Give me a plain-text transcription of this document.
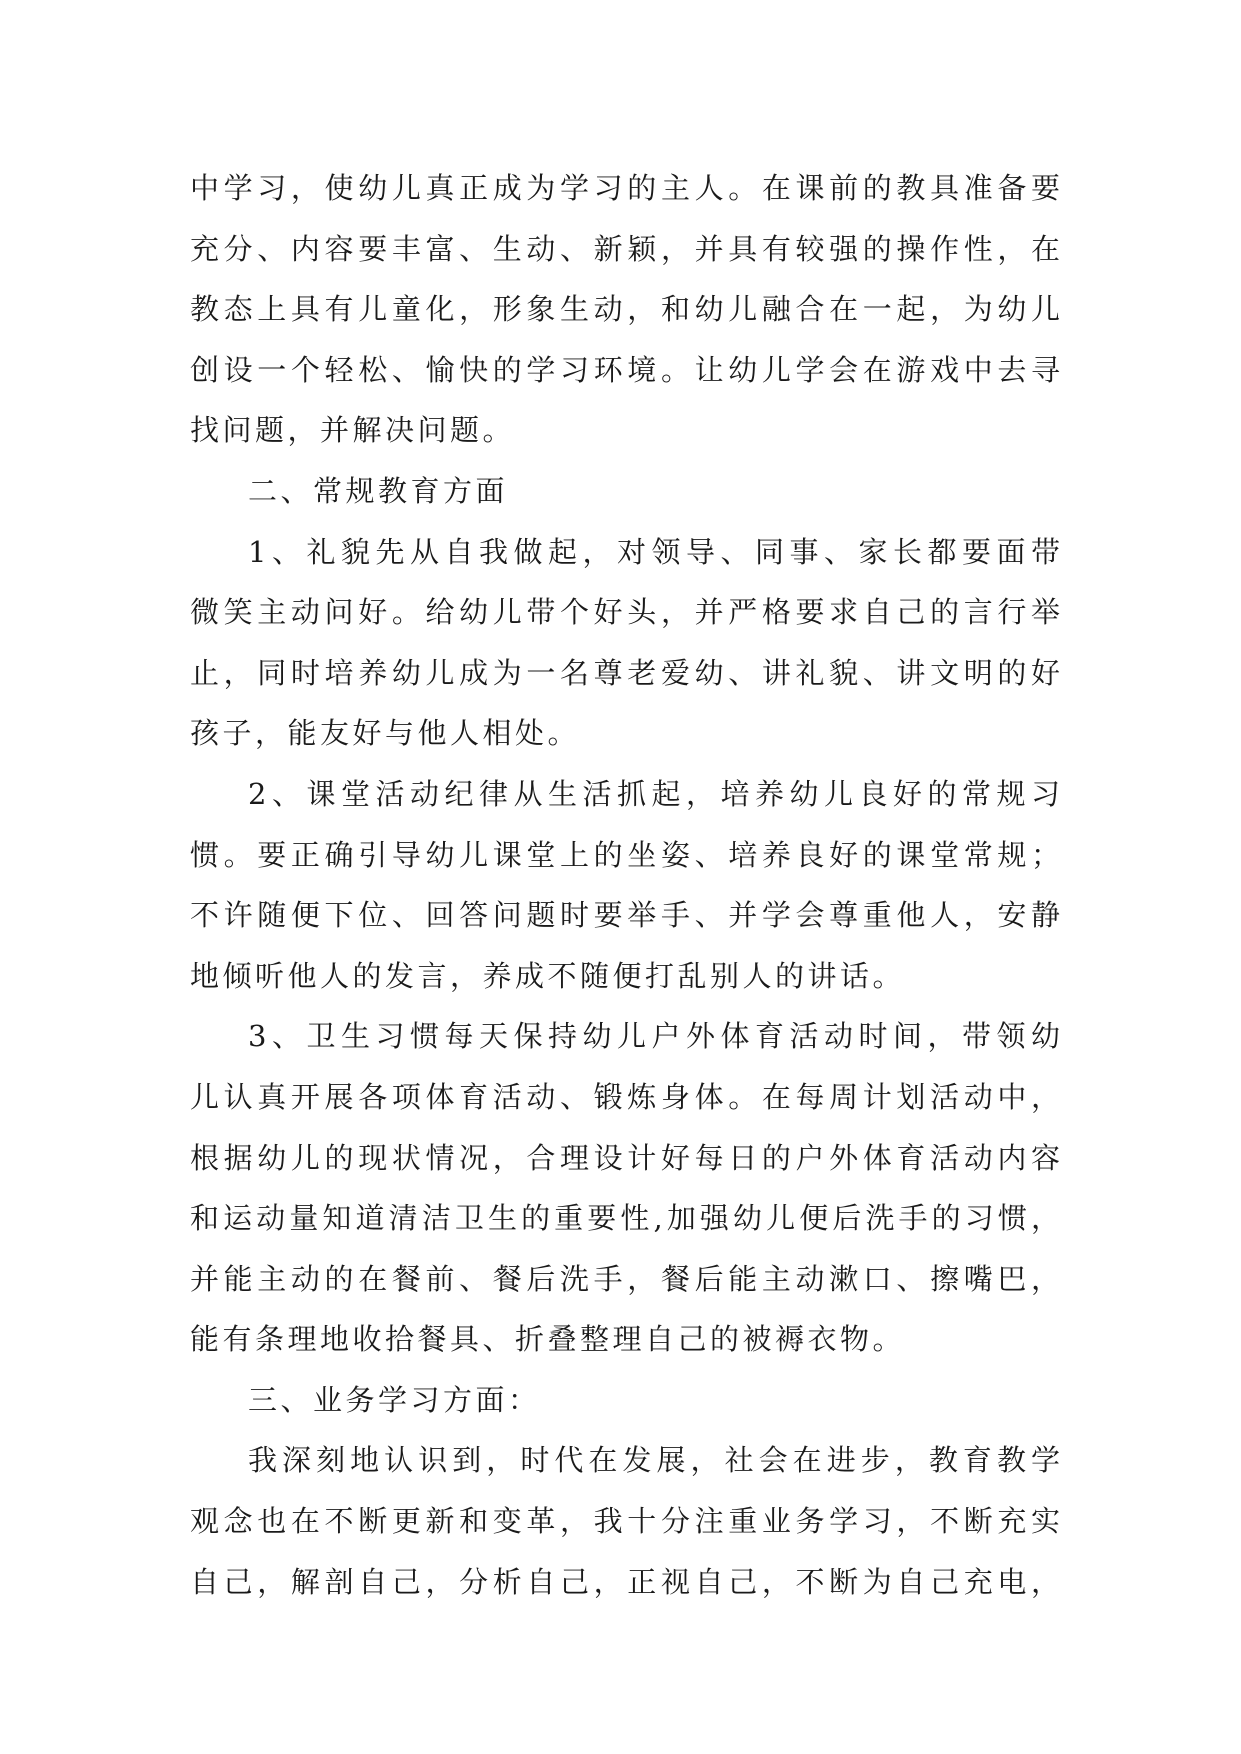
中学习，使幼儿真正成为学习的主人。在课前的教具准备要
充分、内容要丰富、生动、新颖，并具有较强的操作性，在
教态上具有儿童化，形象生动，和幼儿融合在一起，为幼儿
创设一个轻松、愉快的学习环境。让幼儿学会在游戏中去寻
找问题，并解决问题。
二、常规教育方面
1、礼貌先从自我做起，对领导、同事、家长都要面带
微笑主动问好。给幼儿带个好头，并严格要求自己的言行举
止，同时培养幼儿成为一名尊老爱幼、讲礼貌、讲文明的好
孩子，能友好与他人相处。
2、课堂活动纪律从生活抓起，培养幼儿良好的常规习
惯。要正确引导幼儿课堂上的坐姿、培养良好的课堂常规；
不许随便下位、回答问题时要举手、并学会尊重他人，安静
地倾听他人的发言，养成不随便打乱别人的讲话。
3、卫生习惯每天保持幼儿户外体育活动时间，带领幼
儿认真开展各项体育活动、锻炼身体。在每周计划活动中，
根据幼儿的现状情况，合理设计好每日的户外体育活动内容
和运动量知道清洁卫生的重要性,加强幼儿便后洗手的习惯，
并能主动的在餐前、餐后洗手，餐后能主动漱口、擦嘴巴，
能有条理地收拾餐具、折叠整理自己的被褥衣物。
三、业务学习方面：
我深刻地认识到，时代在发展，社会在进步，教育教学
观念也在不断更新和变革，我十分注重业务学习，不断充实
自己，解剖自己，分析自己，正视自己，不断为自己充电，
